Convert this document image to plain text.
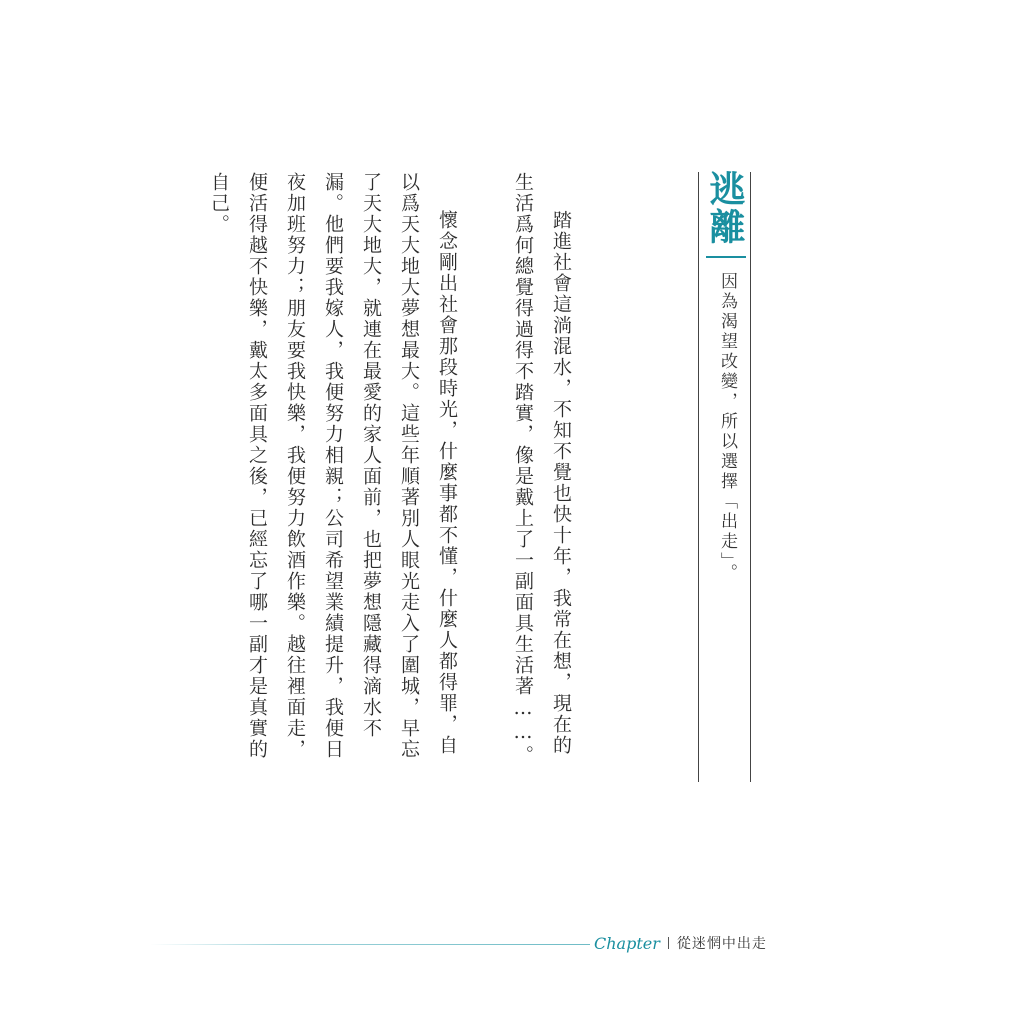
逃離
因為渴望改變，所以選擇「出走」。

踏進社會這淌混水，不知不覺也快十年，我常在想，現在的生活爲何總覺得過得不踏實，像是戴上了一副面具生活著……。

懷念剛出社會那段時光，什麼事都不懂，什麼人都得罪，自以爲天大地大夢想最大。這些年順著別人眼光走入了圍城，早忘了天大地大，就連在最愛的家人面前，也把夢想隱藏得滴水不漏。他們要我嫁人，我便努力相親；公司希望業績提升，我便日夜加班努力；朋友要我快樂，我便努力飲酒作樂。越往裡面走，便活得越不快樂，戴太多面具之後，已經忘了哪一副才是真實的自己。

Chapter 從迷惘中出走
